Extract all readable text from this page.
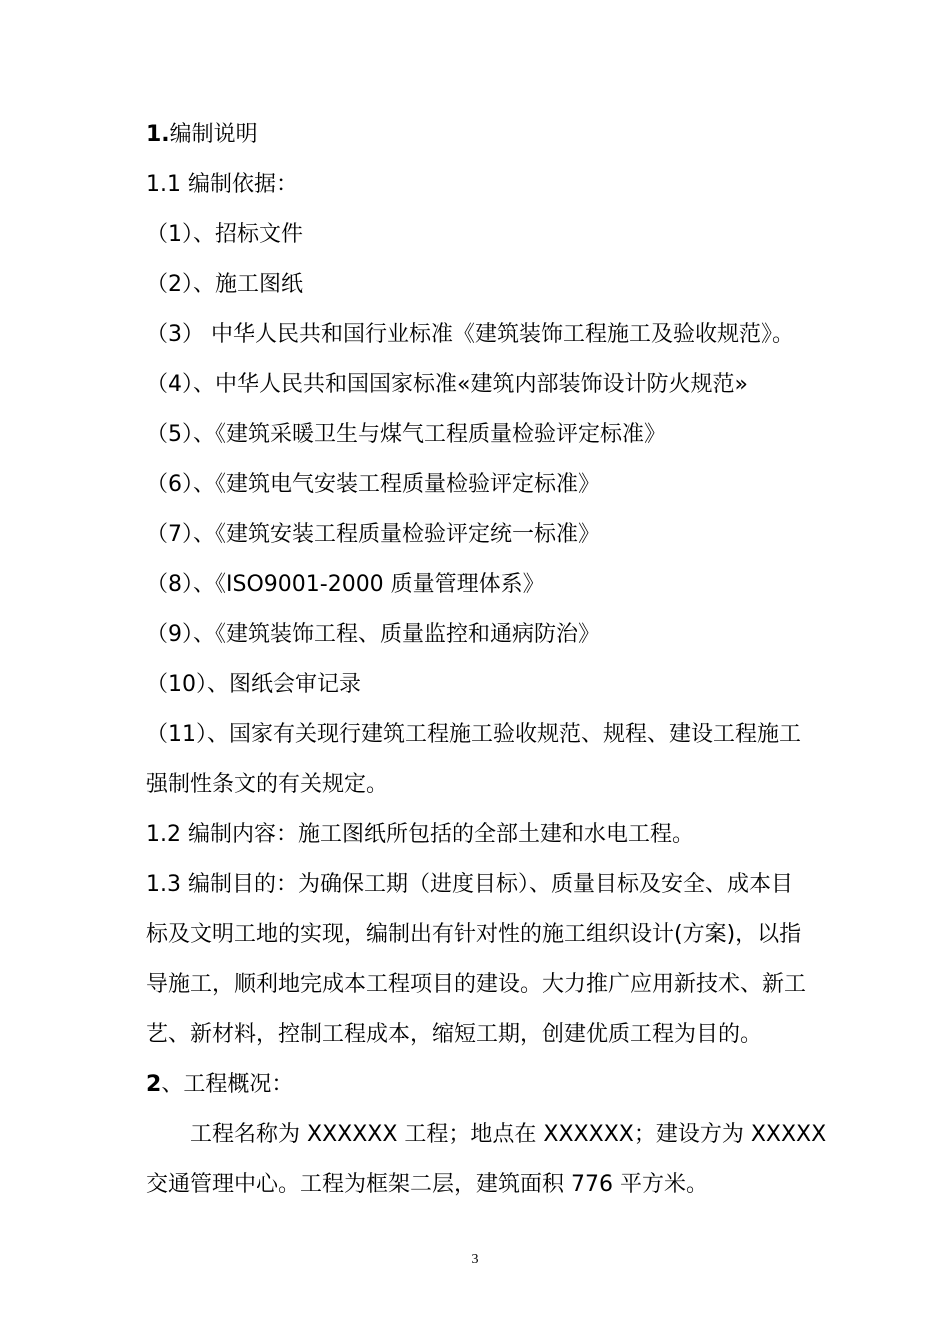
1.编制说明
1.1 编制依据：
（1）、招标文件
（2）、施工图纸
（3） 中华人民共和国行业标准《建筑装饰工程施工及验收规范》。
（4）、中华人民共和国国家标准«建筑内部装饰设计防火规范»
（5）、《建筑采暖卫生与煤气工程质量检验评定标准》
（6）、《建筑电气安装工程质量检验评定标准》
（7）、《建筑安装工程质量检验评定统一标准》
（8）、《ISO9001-2000 质量管理体系》
（9）、《建筑装饰工程、质量监控和通病防治》
（10）、图纸会审记录
（11）、国家有关现行建筑工程施工验收规范、规程、建设工程施工
强制性条文的有关规定。
1.2 编制内容：施工图纸所包括的全部土建和水电工程。
1.3 编制目的：为确保工期（进度目标）、质量目标及安全、成本目
标及文明工地的实现，编制出有针对性的施工组织设计(方案)，以指
导施工，顺利地完成本工程项目的建设。大力推广应用新技术、新工
艺、新材料，控制工程成本，缩短工期，创建优质工程为目的。
2、工程概况：
工程名称为 XXXXXX 工程；地点在 XXXXXX；建设方为 XXXXX
交通管理中心。工程为框架二层，建筑面积 776 平方米。
3
